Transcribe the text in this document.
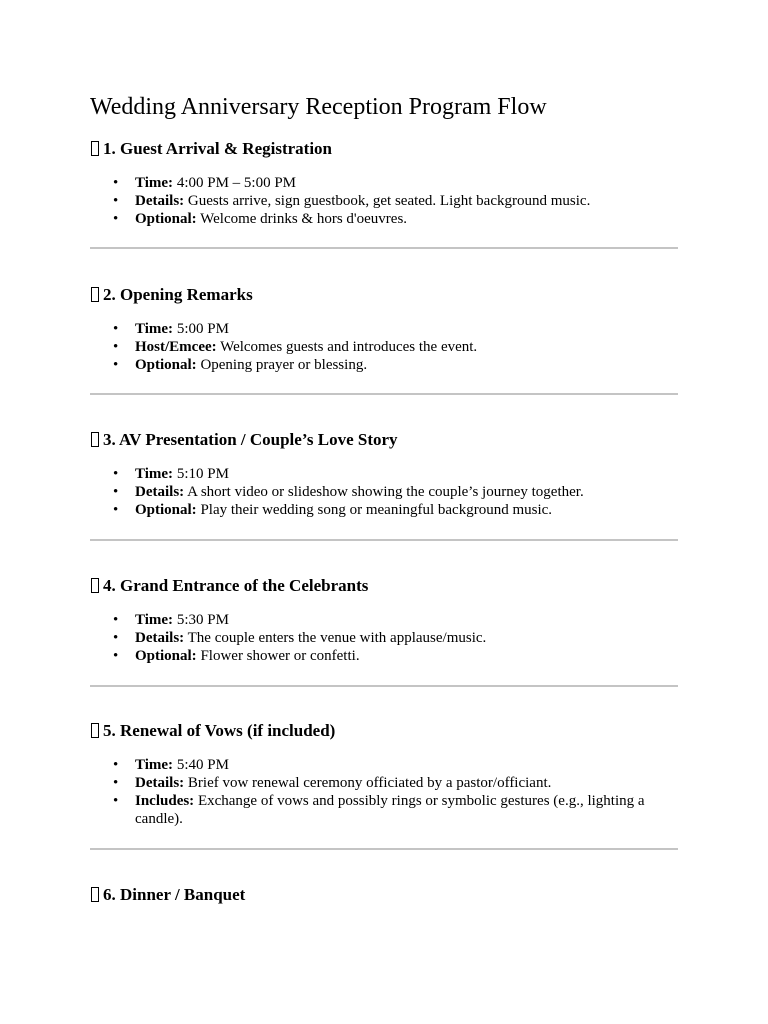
Wedding Anniversary Reception Program Flow
1. Guest Arrival & Registration
• Time: 4:00 PM – 5:00 PM
• Details: Guests arrive, sign guestbook, get seated. Light background music.
• Optional: Welcome drinks & hors d'oeuvres.
2. Opening Remarks
• Time: 5:00 PM
• Host/Emcee: Welcomes guests and introduces the event.
• Optional: Opening prayer or blessing.
3. AV Presentation / Couple’s Love Story
• Time: 5:10 PM
• Details: A short video or slideshow showing the couple’s journey together.
• Optional: Play their wedding song or meaningful background music.
4. Grand Entrance of the Celebrants
• Time: 5:30 PM
• Details: The couple enters the venue with applause/music.
• Optional: Flower shower or confetti.
5. Renewal of Vows (if included)
• Time: 5:40 PM
• Details: Brief vow renewal ceremony officiated by a pastor/officiant.
• Includes: Exchange of vows and possibly rings or symbolic gestures (e.g., lighting a candle).
6. Dinner / Banquet
